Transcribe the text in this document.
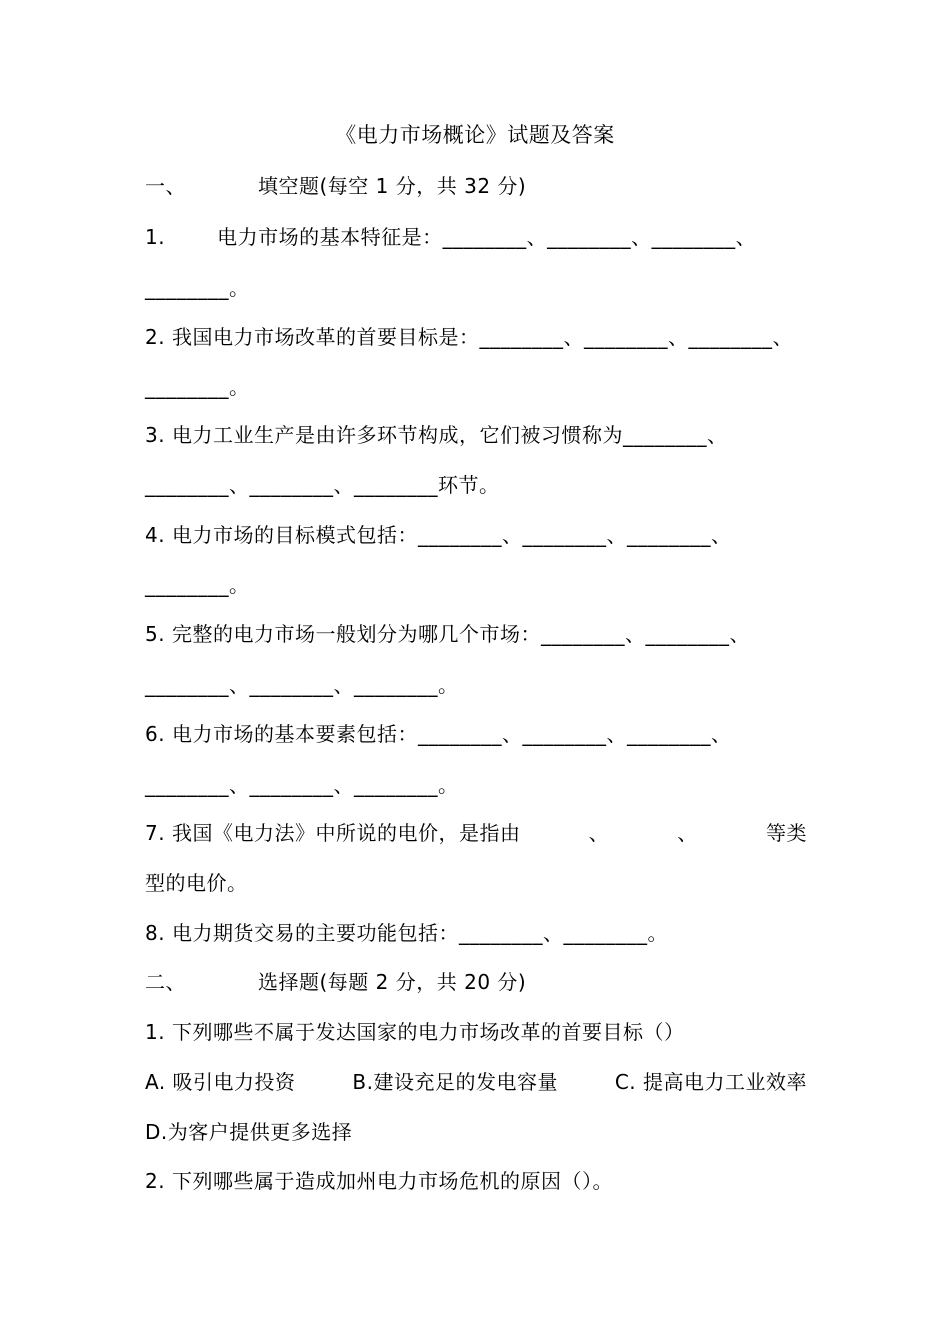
《电力市场概论》试题及答案
一、	填空题(每空 1 分，共 32 分)
1.	电力市场的基本特征是：________、________、________、
________。
2. 我国电力市场改革的首要目标是：________、________、________、
________。
3. 电力工业生产是由许多环节构成，它们被习惯称为________、
________、________、________环节。
4. 电力市场的目标模式包括：________、________、________、
________。
5. 完整的电力市场一般划分为哪几个市场：________、________、
________、________、________。
6. 电力市场的基本要素包括：________、________、________、
________、________、________。
7. 我国《电力法》中所说的电价，是指由	、	、	等类
型的电价。
8. 电力期货交易的主要功能包括：________、________。
二、	选择题(每题 2 分，共 20 分)
1. 下列哪些不属于发达国家的电力市场改革的首要目标（）
A. 吸引电力投资	B.建设充足的发电容量	C. 提高电力工业效率
D.为客户提供更多选择
2. 下列哪些属于造成加州电力市场危机的原因（）。
